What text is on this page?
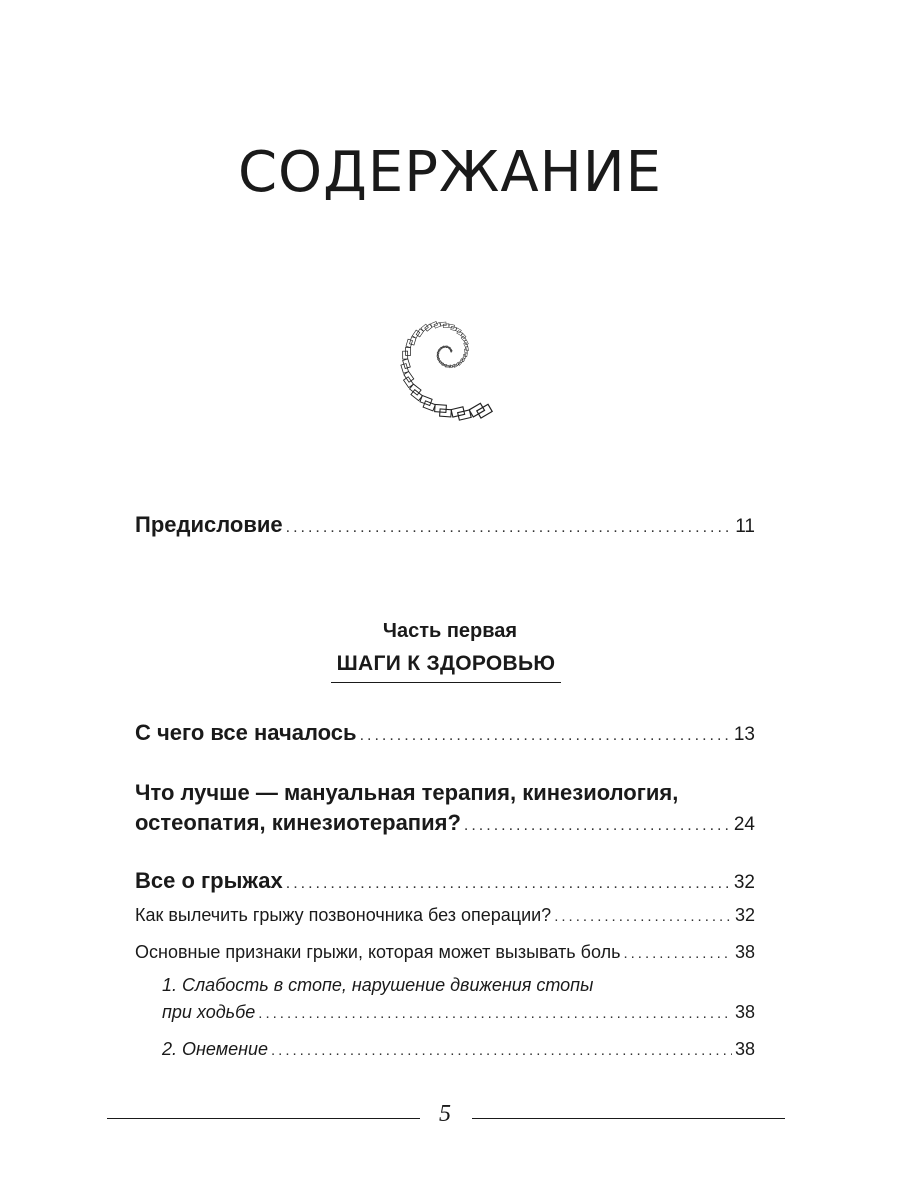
СОДЕРЖАНИЕ
Предисловие .....	11
Часть первая
ШАГИ К ЗДОРОВЬЮ
С чего все началось .....	13
Что лучше — мануальная терапия, кинезиология,
остеопатия, кинезиотерапия? .....	24
Все о грыжах .....	32
Как вылечить грыжу позвоночника без операции? .....	32
Основные признаки грыжи, которая может вызывать боль .....	38
1. Слабость в стопе, нарушение движения стопы
при ходьбе .....	38
2. Онемение .....	38
5
